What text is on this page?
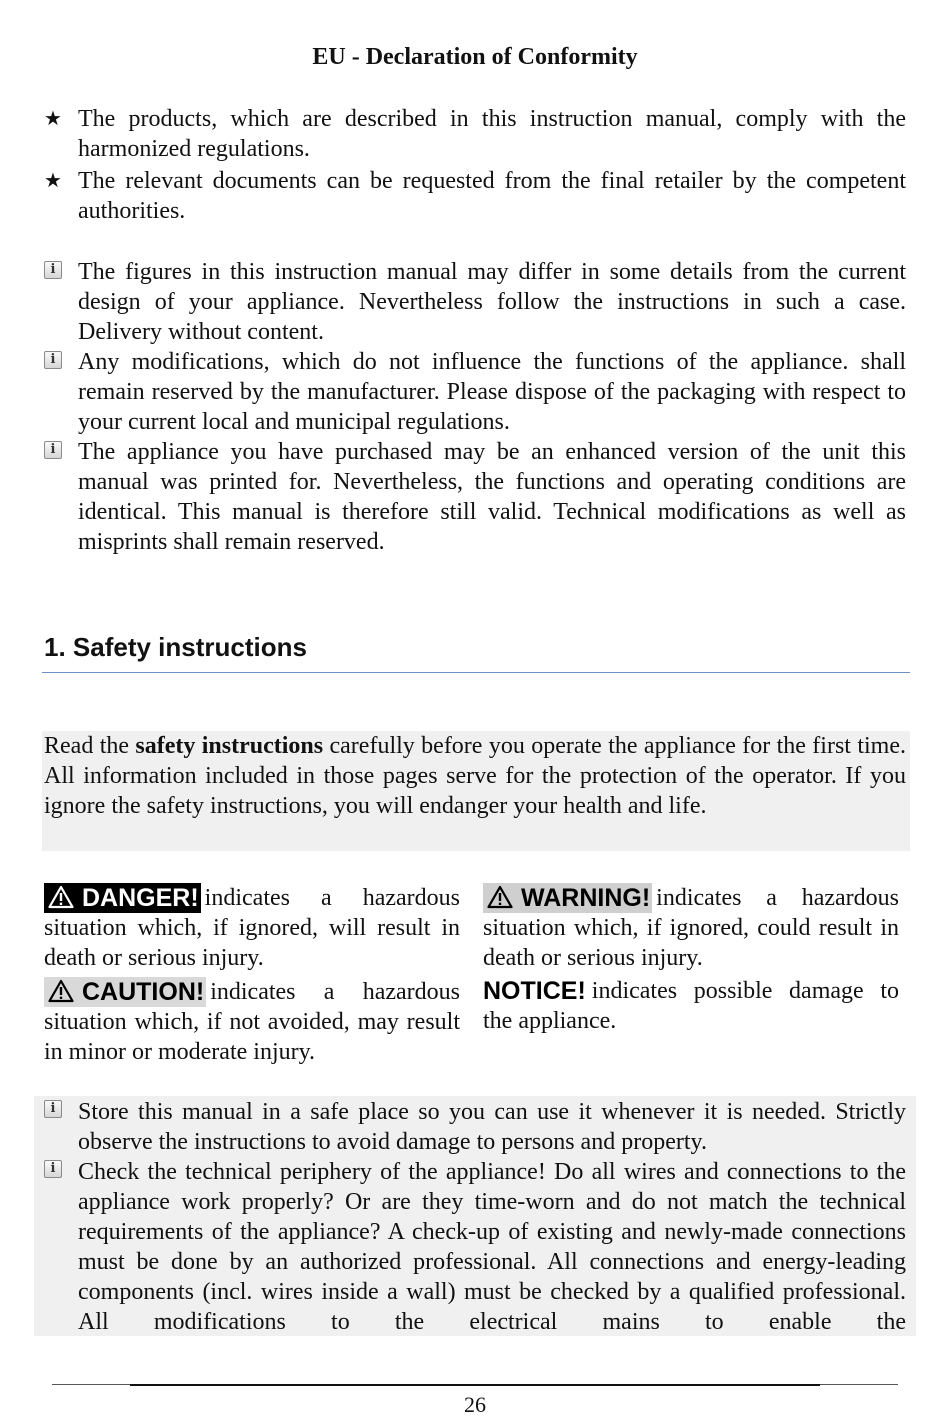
EU - Declaration of Conformity
★ The products, which are described in this instruction manual, comply with the harmonized regulations.
★ The relevant documents can be requested from the final retailer by the competent authorities.
i The figures in this instruction manual may differ in some details from the current design of your appliance. Nevertheless follow the instructions in such a case. Delivery without content.
i Any modifications, which do not influence the functions of the appliance. shall remain reserved by the manufacturer. Please dispose of the packaging with respect to your current local and municipal regulations.
i The appliance you have purchased may be an enhanced version of the unit this manual was printed for. Nevertheless, the functions and operating conditions are identical. This manual is therefore still valid. Technical modifications as well as misprints shall remain reserved.
1. Safety instructions
Read the safety instructions carefully before you operate the appliance for the first time. All information included in those pages serve for the protection of the operator. If you ignore the safety instructions, you will endanger your health and life.
DANGER! indicates a hazardous situation which, if ignored, will result in death or serious injury.
CAUTION! indicates a hazardous situation which, if not avoided, may result in minor or moderate injury.
WARNING! indicates a hazardous situation which, if ignored, could result in death or serious injury.
NOTICE! indicates possible damage to the appliance.
i Store this manual in a safe place so you can use it whenever it is needed. Strictly observe the instructions to avoid damage to persons and property.
i Check the technical periphery of the appliance! Do all wires and connections to the appliance work properly? Or are they time-worn and do not match the technical requirements of the appliance? A check-up of existing and newly-made connections must be done by an authorized professional. All connections and energy-leading components (incl. wires inside a wall) must be checked by a qualified professional. All modifications to the electrical mains to enable the
26
